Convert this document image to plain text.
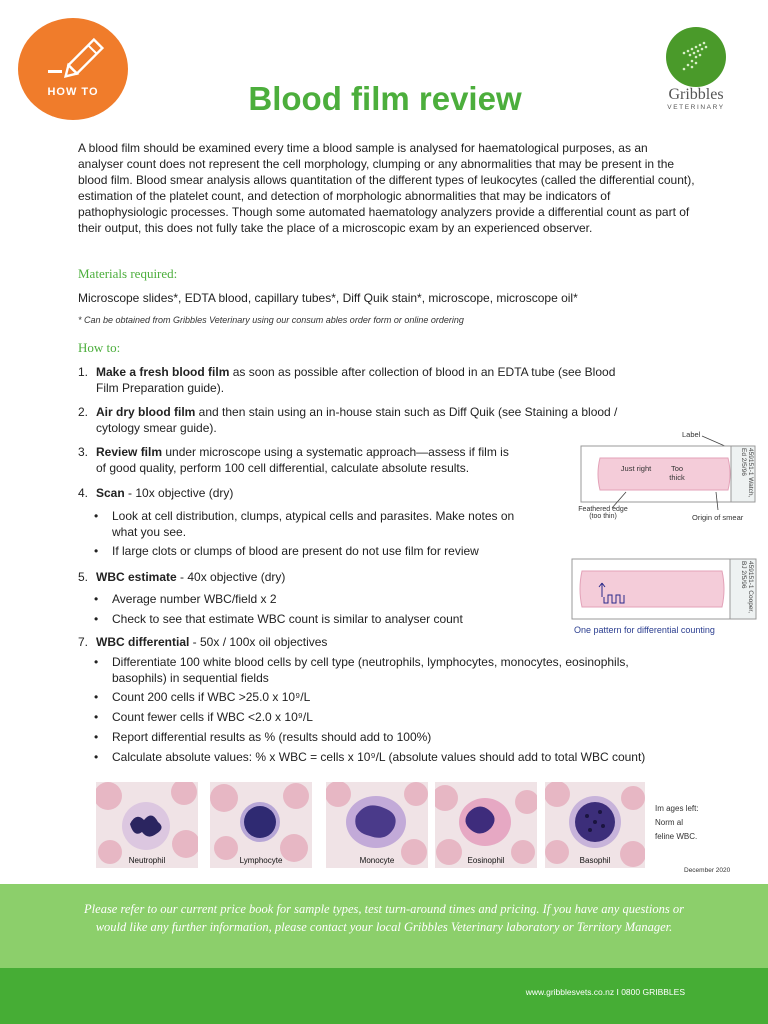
HOW TO	Blood film review	Gribbles
VETERINARY
A blood film should be examined every time a blood sample is analysed for haematological purposes, as an analyser count does not represent the cell morphology, clumping or any abnormalities that may be present in the blood film. Blood smear analysis allows quantitation of the different types of leukocytes (called the differential count), estimation of the platelet count, and detection of morphologic abnormalities that may be indicators of pathophysiologic processes. Though some automated haematology analyzers provide a differential count as part of their output, this does not fully take the place of a microscopic exam by an experienced observer.
Materials required:
Microscope slides*, EDTA blood, capillary tubes*, Diff Quik stain*, microscope, microscope oil*
* Can be obtained from Gribbles Veterinary using our consum ables order form or online ordering
How to:
1. Make a fresh blood film as soon as possible after collection of blood in an EDTA tube (see Blood
Film Preparation guide).
2. Air dry blood film and then stain using an in-house stain such as Diff Quik (see Staining a blood /
cytology smear guide).
3. Review film under microscope using a systematic approach—assess if film is
of good quality, perform 100 cell differential, calculate absolute results.
4. Scan - 10x objective (dry)
• Look at cell distribution, clumps, atypical cells and parasites. Make notes on
what you see.
• If large clots or clumps of blood are present do not use film for review
5. WBC estimate - 40x objective (dry)
• Average number WBC/field x 2
• Check to see that estimate WBC count is similar to analyser count
7. WBC differential - 50x / 100x oil objectives
• Differentiate 100 white blood cells by cell type (neutrophils, lymphocytes, monocytes, eosinophils,
basophils) in sequential fields
• Count 200 cells if WBC >25.0 x 10⁹/L
• Count fewer cells if WBC <2.0 x 10⁹/L
• Report differential results as % (results should add to 100%)
• Calculate absolute values: % x WBC = cells x 10⁹/L (absolute values should add to total WBC count)
Label
Just right	Too thick	459151-1 Watch, Ed 2/5/96
Feathered edge (too thin)	Origin of smear
459151-1 Cooper, BJ 2/5/96
One pattern for differential counting
Neutrophil	Lymphocyte	Monocyte	Eosinophil	Basophil
Im ages left:
Norm al
feline WBC.
December 2020
Please refer to our current price book for sample types, test turn-around times and pricing. If you have any questions or would like any further information, please contact your local Gribbles Veterinary laboratory or Territory Manager.
www.gribblesvets.co.nz I 0800 GRIBBLES
